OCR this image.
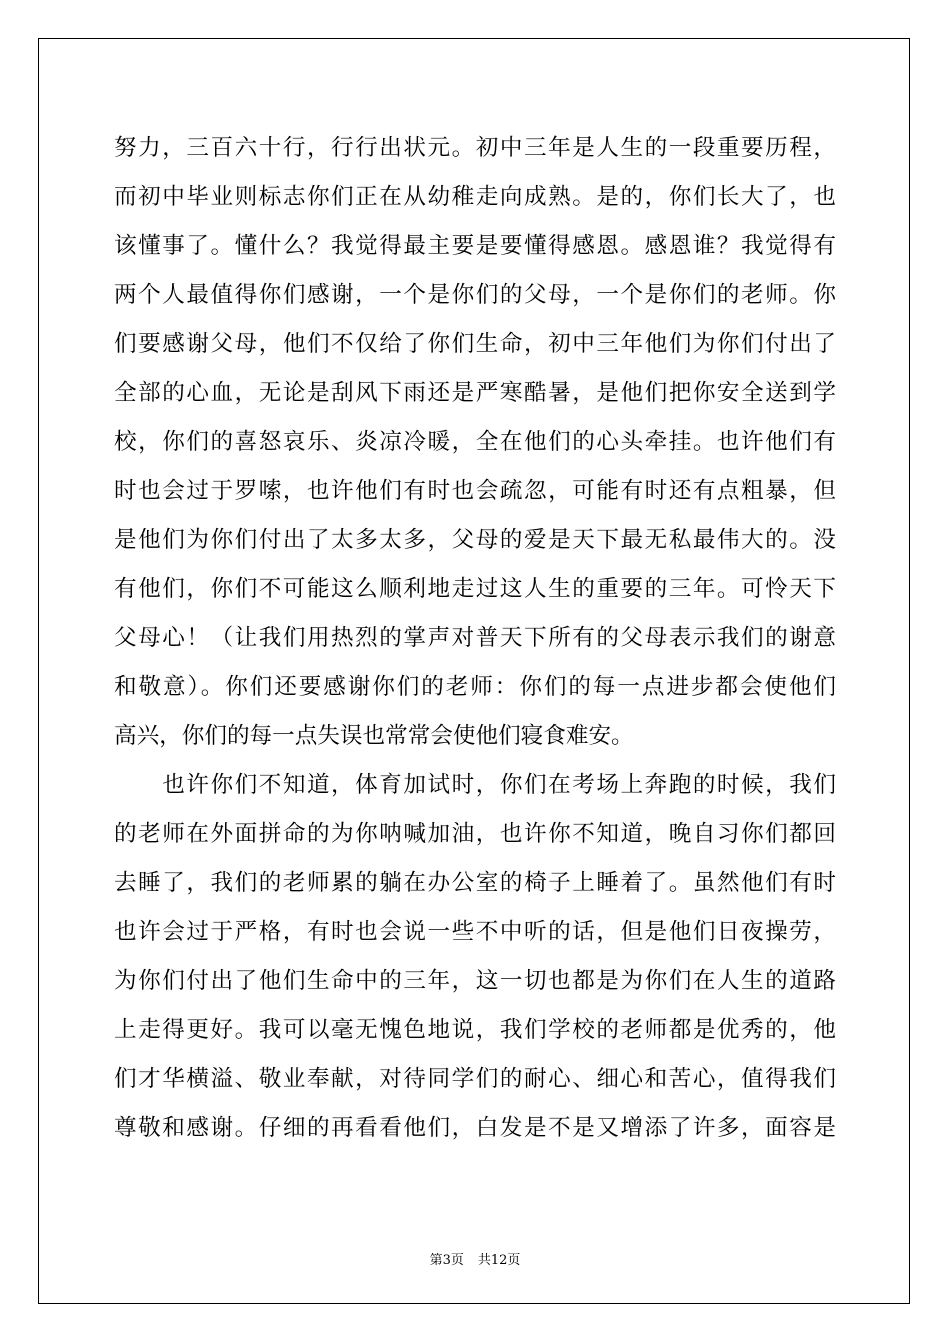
努力，三百六十行，行行出状元。初中三年是人生的一段重要历程，
而初中毕业则标志你们正在从幼稚走向成熟。是的，你们长大了，也
该懂事了。懂什么？我觉得最主要是要懂得感恩。感恩谁？我觉得有
两个人最值得你们感谢，一个是你们的父母，一个是你们的老师。你
们要感谢父母，他们不仅给了你们生命，初中三年他们为你们付出了
全部的心血，无论是刮风下雨还是严寒酷暑，是他们把你安全送到学
校，你们的喜怒哀乐、炎凉冷暖，全在他们的心头牵挂。也许他们有
时也会过于罗嗦，也许他们有时也会疏忽，可能有时还有点粗暴，但
是他们为你们付出了太多太多，父母的爱是天下最无私最伟大的。没
有他们，你们不可能这么顺利地走过这人生的重要的三年。可怜天下
父母心！（让我们用热烈的掌声对普天下所有的父母表示我们的谢意
和敬意）。你们还要感谢你们的老师：你们的每一点进步都会使他们
高兴，你们的每一点失误也常常会使他们寝食难安。
　　也许你们不知道，体育加试时，你们在考场上奔跑的时候，我们
的老师在外面拼命的为你呐喊加油，也许你不知道，晚自习你们都回
去睡了，我们的老师累的躺在办公室的椅子上睡着了。虽然他们有时
也许会过于严格，有时也会说一些不中听的话，但是他们日夜操劳，
为你们付出了他们生命中的三年，这一切也都是为你们在人生的道路
上走得更好。我可以毫无愧色地说，我们学校的老师都是优秀的，他
们才华横溢、敬业奉献，对待同学们的耐心、细心和苦心，值得我们
尊敬和感谢。仔细的再看看他们，白发是不是又增添了许多，面容是
第3页 共12页
